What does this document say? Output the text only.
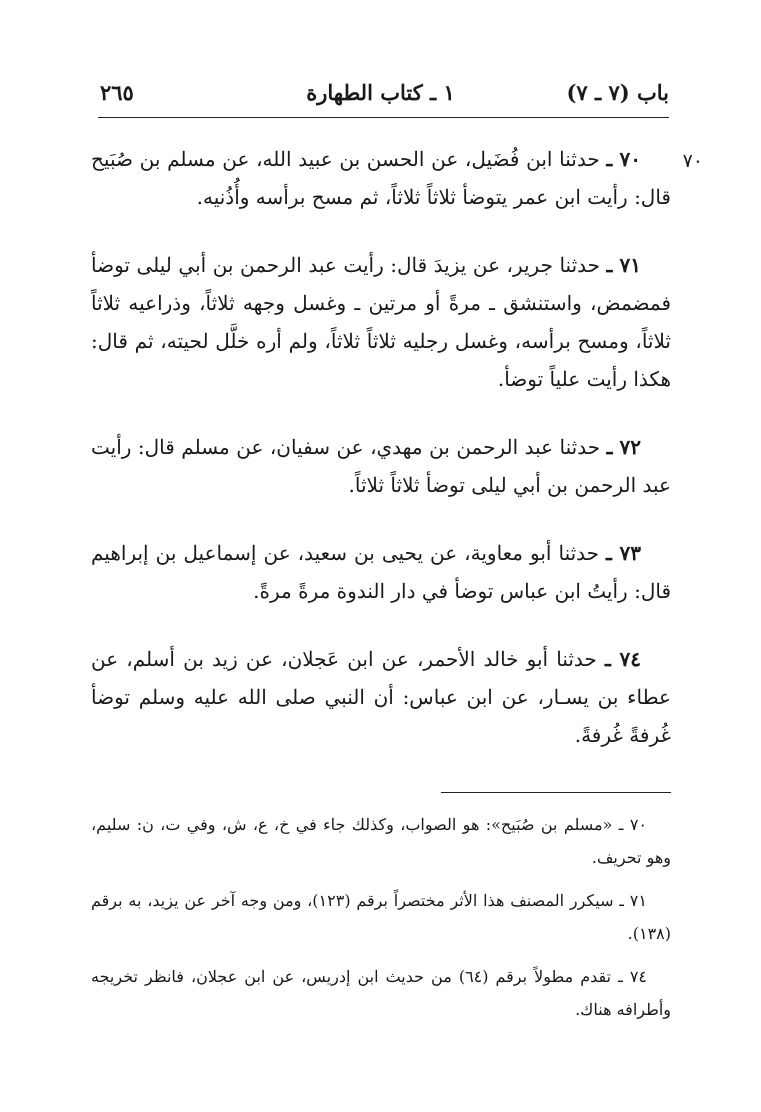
باب (٧ ـ ٧)
١ ـ كتاب الطهارة
٢٦٥
٧٠

٧٠ ـ حدثنا ابن فُضَيل، عن الحسن بن عبيد الله، عن مسلم بن صُبَيح قال: رأيت ابن عمر يتوضأ ثلاثاً ثلاثاً، ثم مسح برأسه وأُذُنيه.

٧١ ـ حدثنا جرير، عن يزيدَ قال: رأيت عبد الرحمن بن أبي ليلى توضأ فمضمض، واستنشق ـ مرةً أو مرتين ـ وغسل وجهه ثلاثاً، وذراعيه ثلاثاً ثلاثاً، ومسح برأسه، وغسل رجليه ثلاثاً ثلاثاً، ولم أره خلَّل لحيته، ثم قال: هكذا رأيت علياً توضأ.

٧٢ ـ حدثنا عبد الرحمن بن مهدي، عن سفيان، عن مسلم قال: رأيت عبد الرحمن بن أبي ليلى توضأ ثلاثاً ثلاثاً.

٧٣ ـ حدثنا أبو معاوية، عن يحيى بن سعيد، عن إسماعيل بن إبراهيم قال: رأيتُ ابن عباس توضأ في دار الندوة مرةً مرةً.

٧٤ ـ حدثنا أبو خالد الأحمر، عن ابن عَجلان، عن زيد بن أسلم، عن عطاء بن يسـار، عن ابن عباس: أن النبي صلى الله عليه وسلم توضأ غُرفةً غُرفةً.

٧٠ ـ «مسلم بن صُبَيح»: هو الصواب، وكذلك جاء في خ، ع، ش، وفي ت، ن: سليم، وهو تحريف.

٧١ ـ سيكرر المصنف هذا الأثر مختصراً برقم (١٢٣)، ومن وجه آخر عن يزيد، به برقم (١٣٨).

٧٤ ـ تقدم مطولاً برقم (٦٤) من حديث ابن إدريس، عن ابن عجلان، فانظر تخريجه وأطرافه هناك.
